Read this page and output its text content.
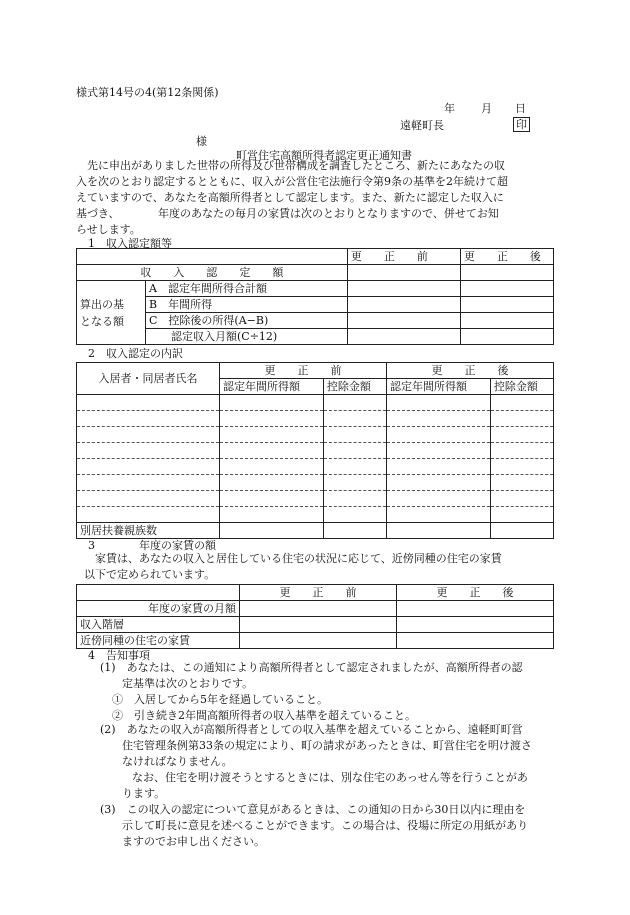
様式第14号の4(第12条関係)
年 月 日
遠軽町長	印
様
町営住宅高額所得者認定更正通知書
　先に申出がありました世帯の所得及び世帯構成を調査したところ、新たにあなたの収
入を次のとおり認定するとともに、収入が公営住宅法施行令第9条の基準を2年続けて超
えていますので、あなたを高額所得者として認定します。また、新たに認定した収入に
基づき、　　　　年度のあなたの毎月の家賃は次のとおりとなりますので、併せてお知
らせします。
1　収入認定額等
		更　　正　　前	更　　正　　後
収　　入　　認　　定　　額			

算出の基
となる額	A　認定年間所得合計額		
	B　年間所得		
	C　控除後の所得(A−B)		
	　　認定収入月額(C÷12)		
2　収入認定の内訳
入居者・同居者氏名	更　　正　　前		更　　正　　後	
	認定年間所得額	控除金額	認定年間所得額	控除金額

別居扶養親族数				
3　　　　年度の家賃の額
　家賃は、あなたの収入と居住している住宅の状況に応じて、近傍同種の住宅の家賃
以下で定められています。
	更　　正　　前	更　　正　　後
年度の家賃の月額		
収入階層		
近傍同種の住宅の家賃		
4　告知事項
(1)　あなたは、この通知により高額所得者として認定されましたが、高額所得者の認
定基準は次のとおりです。
①　入居してから5年を経過していること。
②　引き続き2年間高額所得者の収入基準を超えていること。
(2)　あなたの収入が高額所得者としての収入基準を超えていることから、遠軽町町営
住宅管理条例第33条の規定により、町の請求があったときは、町営住宅を明け渡さ
なければなりません。
なお、住宅を明け渡そうとするときには、別な住宅のあっせん等を行うことがあ
ります。
(3)　この収入の認定について意見があるときは、この通知の日から30日以内に理由を
示して町長に意見を述べることができます。この場合は、役場に所定の用紙があり
ますのでお申し出ください。
